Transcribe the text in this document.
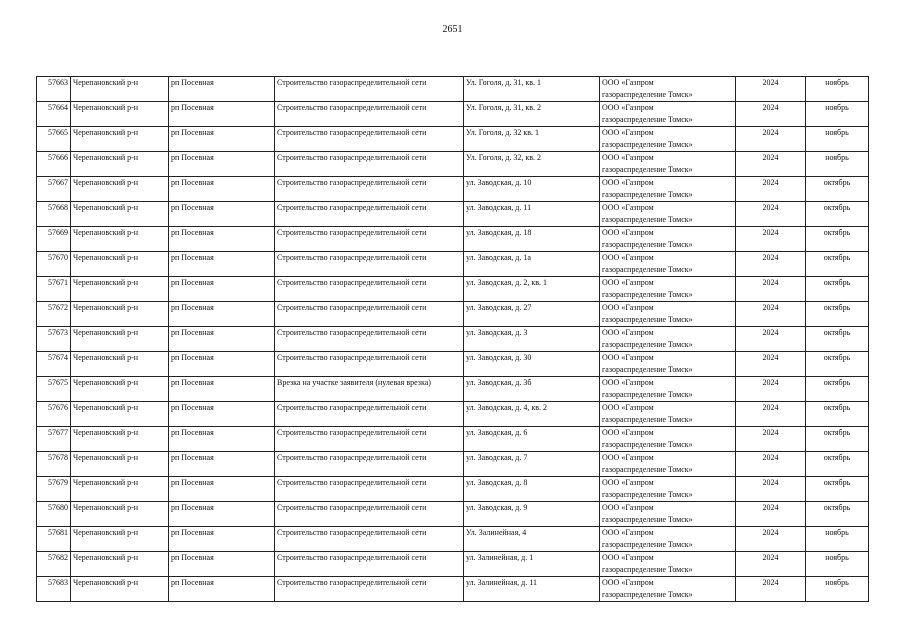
2651
57663	Черепановский р-н	рп Посевная	Строительство газораспределительной сети	Ул. Гоголя, д. 31, кв. 1	ООО «Газпром
газораспределение Томск»	2024	ноябрь
57664	Черепановский р-н	рп Посевная	Строительство газораспределительной сети	Ул. Гоголя, д. 31, кв. 2	ООО «Газпром
газораспределение Томск»	2024	ноябрь
57665	Черепановский р-н	рп Посевная	Строительство газораспределительной сети	Ул. Гоголя, д. 32 кв. 1	ООО «Газпром
газораспределение Томск»	2024	ноябрь
57666	Черепановский р-н	рп Посевная	Строительство газораспределительной сети	Ул. Гоголя, д. 32, кв. 2	ООО «Газпром
газораспределение Томск»	2024	ноябрь
57667	Черепановский р-н	рп Посевная	Строительство газораспределительной сети	ул. Заводская, д. 10	ООО «Газпром
газораспределение Томск»	2024	октябрь
57668	Черепановский р-н	рп Посевная	Строительство газораспределительной сети	ул. Заводская, д. 11	ООО «Газпром
газораспределение Томск»	2024	октябрь
57669	Черепановский р-н	рп Посевная	Строительство газораспределительной сети	ул. Заводская, д. 18	ООО «Газпром
газораспределение Томск»	2024	октябрь
57670	Черепановский р-н	рп Посевная	Строительство газораспределительной сети	ул. Заводская, д. 1а	ООО «Газпром
газораспределение Томск»	2024	октябрь
57671	Черепановский р-н	рп Посевная	Строительство газораспределительной сети	ул. Заводская, д. 2, кв. 1	ООО «Газпром
газораспределение Томск»	2024	октябрь
57672	Черепановский р-н	рп Посевная	Строительство газораспределительной сети	ул. Заводская, д. 27	ООО «Газпром
газораспределение Томск»	2024	октябрь
57673	Черепановский р-н	рп Посевная	Строительство газораспределительной сети	ул. Заводская, д. 3	ООО «Газпром
газораспределение Томск»	2024	октябрь
57674	Черепановский р-н	рп Посевная	Строительство газораспределительной сети	ул. Заводская, д. 30	ООО «Газпром
газораспределение Томск»	2024	октябрь
57675	Черепановский р-н	рп Посевная	Врезка на участке заявителя (нулевая врезка)	ул. Заводская, д. 3б	ООО «Газпром
газораспределение Томск»	2024	октябрь
57676	Черепановский р-н	рп Посевная	Строительство газораспределительной сети	ул. Заводская, д. 4, кв. 2	ООО «Газпром
газораспределение Томск»	2024	октябрь
57677	Черепановский р-н	рп Посевная	Строительство газораспределительной сети	ул. Заводская, д. 6	ООО «Газпром
газораспределение Томск»	2024	октябрь
57678	Черепановский р-н	рп Посевная	Строительство газораспределительной сети	ул. Заводская, д. 7	ООО «Газпром
газораспределение Томск»	2024	октябрь
57679	Черепановский р-н	рп Посевная	Строительство газораспределительной сети	ул. Заводская, д. 8	ООО «Газпром
газораспределение Томск»	2024	октябрь
57680	Черепановский р-н	рп Посевная	Строительство газораспределительной сети	ул. Заводская, д. 9	ООО «Газпром
газораспределение Томск»	2024	октябрь
57681	Черепановский р-н	рп Посевная	Строительство газораспределительной сети	Ул. Залинейная, 4	ООО «Газпром
газораспределение Томск»	2024	ноябрь
57682	Черепановский р-н	рп Посевная	Строительство газораспределительной сети	ул. Залинейная, д. 1	ООО «Газпром
газораспределение Томск»	2024	ноябрь
57683	Черепановский р-н	рп Посевная	Строительство газораспределительной сети	ул. Залинейная, д. 11	ООО «Газпром
газораспределение Томск»	2024	ноябрь
